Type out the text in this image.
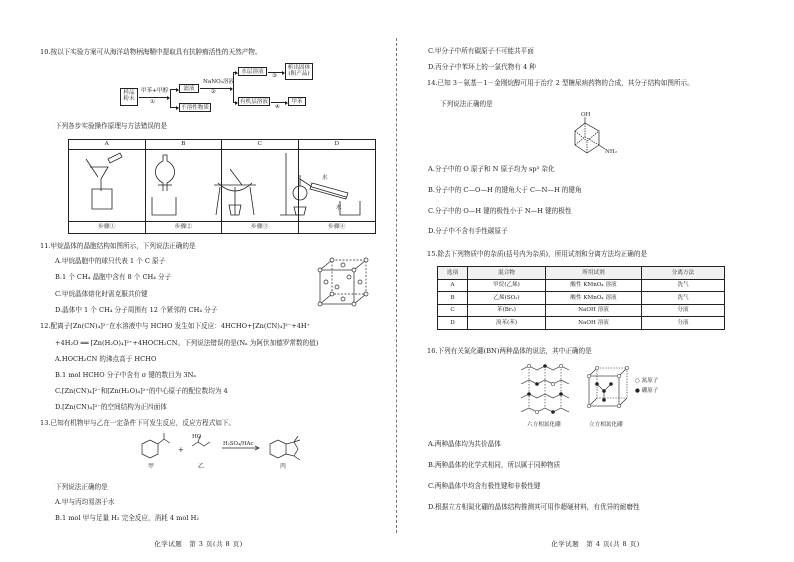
10.按以下实验方案可从海洋动物柄海鞘中提取具有抗肿瘤活性的天然产物。
样品
粉末
甲苯+甲醇
①
滤液
不溶性物质
NaNO₃溶液
②
水层溶液
有机层溶液
③
析出固体
(粗产品)
④
甲苯
下列各步实验操作原理与方法错误的是
A	B	C	D
步骤①	步骤②	步骤③	步骤④
水
水
11.甲烷晶体的晶胞结构如图所示，下列说法正确的是
A.甲烷晶胞中的球只代表 1 个 C 原子
B.1 个 CH₄ 晶胞中含有 8 个 CH₄ 分子
C.甲烷晶体熔化时需克服共价键
D.晶体中 1 个 CH₄ 分子周围有 12 个紧邻的 CH₄ 分子
12.配离子[Zn(CN)₄]²⁻在水溶液中与 HCHO 发生如下反应：4HCHO+[Zn(CN)₄]²⁻+4H⁺
+4H₂O ══ [Zn(H₂O)₄]²⁺+4HOCH₂CN。下列说法错误的是(Nₐ 为阿伏加德罗常数的值)
A.HOCH₂CN 的沸点高于 HCHO
B.1 mol HCHO 分子中含有 σ 键的数目为 3Nₐ
C.[Zn(CN)₄]²⁻和[Zn(H₂O)₄]²⁺的中心原子的配位数均为 4
D.[Zn(CN)₄]²⁻的空间结构为正四面体
13.已知有机物甲与乙在一定条件下可发生反应，反应方程式如下。
+
HO
H₂SO₄/HAc
甲	乙	丙
下列说法正确的是
A.甲与丙均易溶于水
B.1 mol 甲与足量 H₂ 完全反应，消耗 4 mol H₂
化学试题　第 3 页(共 8 页)
C.甲分子中所有碳原子不可能共平面
D.丙分子中苯环上的一氯代物有 4 种
14.已知 3－氨基－1－金刚烷醇可用于治疗 2 型糖尿病药物的合成，其分子结构如图所示。
下列说法正确的是
OH
NH₂
A.分子中的 O 原子和 N 原子均为 sp³ 杂化
B.分子中的 C—O—H 的键角大于 C—N—H 的键角
C.分子中的 O—H 键的极性小于 N—H 键的极性
D.分子中不含有手性碳原子
15.除去下列物质中的杂质(括号内为杂质)，所用试剂和分离方法均正确的是
选项	混合物	所用试剂	分离方法
A	甲烷(乙烯)	酸性 KMnO₄ 溶液	洗气
B	乙烯(SO₂)	酸性 KMnO₄ 溶液	洗气
C	苯(Br₂)	NaOH 溶液	分液
D	溴苯(苯)	NaOH 溶液	分液
16.下列有关氮化硼(BN)两种晶体的说法，其中正确的是
六方相氮化硼	立方相氮化硼
○ 氮原子
● 硼原子
A.两种晶体均为共价晶体
B.两种晶体的化学式相同，所以属于同种物质
C.两种晶体中均含有极性键和非极性键
D.根据立方相氮化硼的晶体结构推测其可用作超硬材料，有优异的耐磨性
化学试题　第 4 页(共 8 页)
